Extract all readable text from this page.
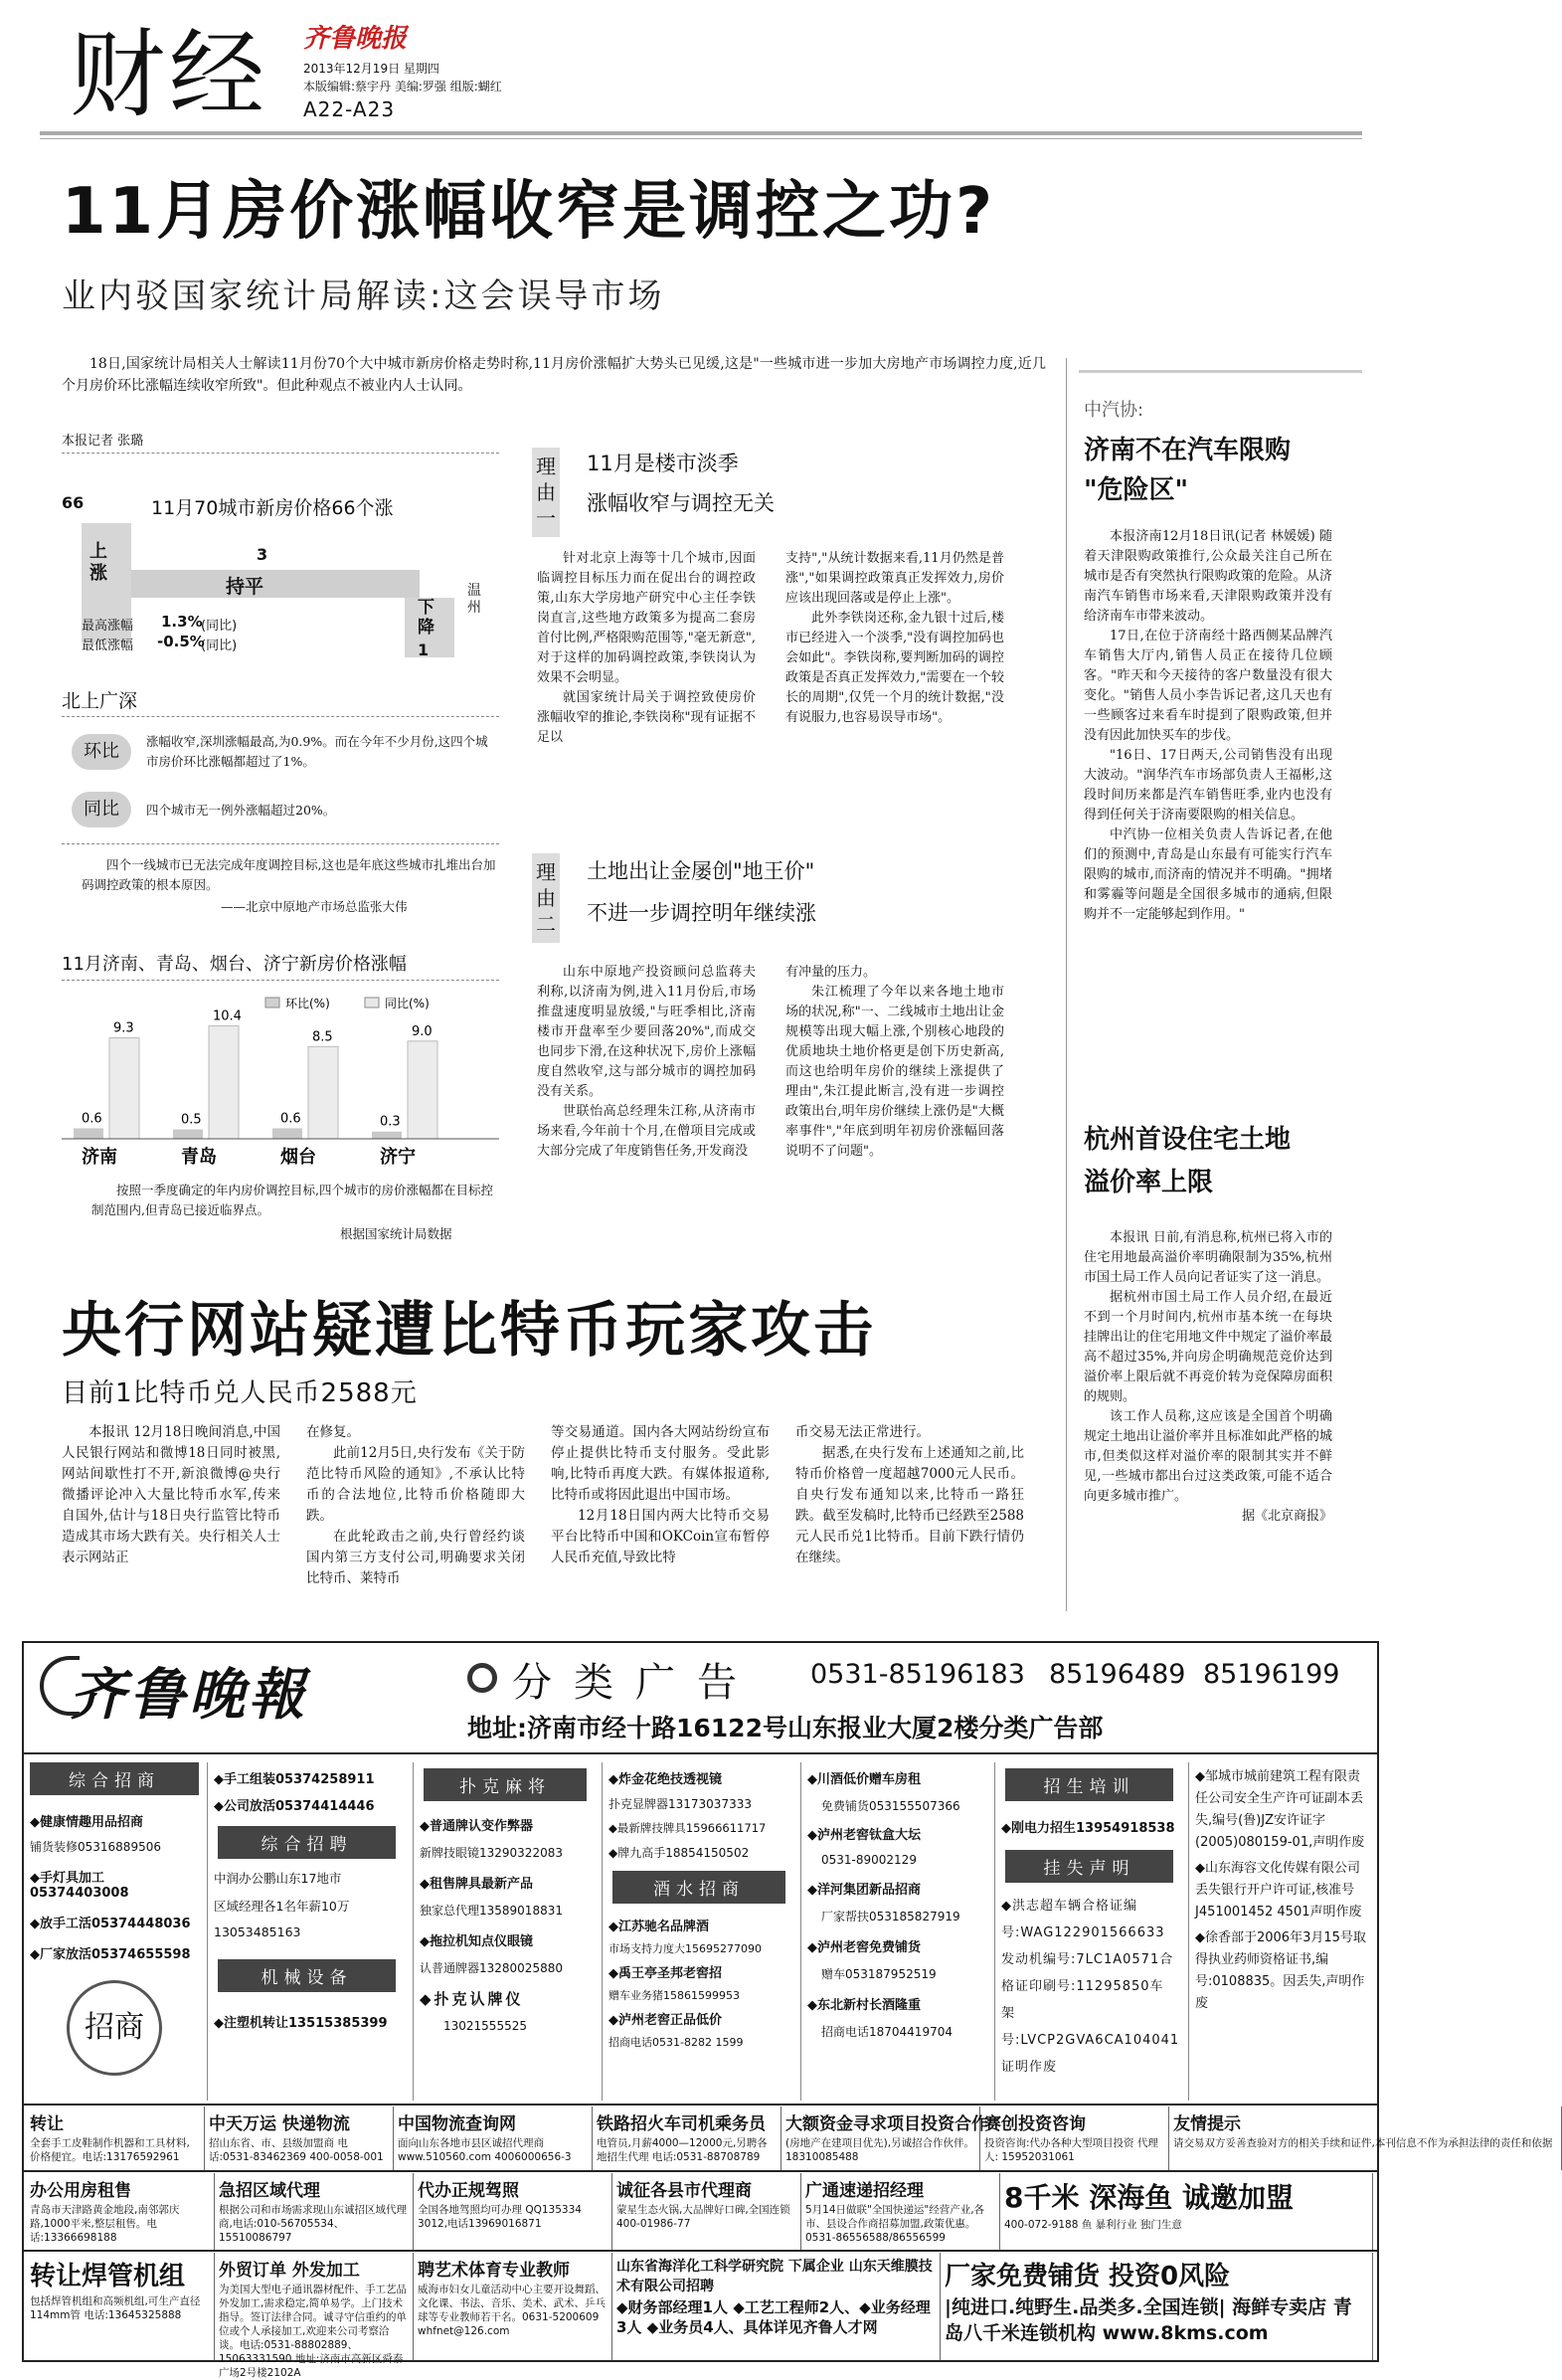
财经 齐鲁晚报
2013年12月19日 星期四
本版编辑:蔡宇丹 美编:罗强 组版:蝴红
A22-A23
11月房价涨幅收窄是调控之功?
业内驳国家统计局解读:这会误导市场

18日,国家统计局相关人士解读11月份70个大中城市新房价格走势时称,11月房价涨幅扩大势头已见缓,这是"一些城市进一步加大房地产市场调控力度,近几个月房价环比涨幅连续收窄所致"。但此种观点不被业内人士认同。

本报记者 张璐
66	11月70城市新房价格66个涨
上涨
3
持平
下降
1
温州
最高涨幅 1.3%
(同比)
最低涨幅 -0.5%
(同比)
北上广深
环比	涨幅收窄,深圳涨幅最高,为0.9%。而在今年不少月份,这四个城市房价环比涨幅都超过了1%。
同比	四个城市无一例外涨幅超过20%。
四个一线城市已无法完成年度调控目标,这也是年底这些城市扎堆出台加码调控政策的根本原因。
——北京中原地产市场总监张大伟
11月济南、青岛、烟台、济宁新房价格涨幅
环比(%)	同比(%)
0.6
9.3
济南
0.5
10.4
青岛
0.6
8.5
烟台
0.3
9.0
济宁
按照一季度确定的年内房价调控目标,四个城市的房价涨幅都在目标控制范围内,但青岛已接近临界点。
根据国家统计局数据
理由一
11月是楼市淡季
涨幅收窄与调控无关

针对北京上海等十几个城市,因面临调控目标压力而在促出台的调控政策,山东大学房地产研究中心主任李铁岗直言,这些地方政策多为提高二套房首付比例,严格限购范围等,"毫无新意",对于这样的加码调控政策,李铁岗认为效果不会明显。

就国家统计局关于调控致使房价涨幅收窄的推论,李铁岗称"现有证据不足以

支持","从统计数据来看,11月仍然是普涨","如果调控政策真正发挥效力,房价应该出现回落或是停止上涨"。

此外李铁岗还称,金九银十过后,楼市已经进入一个淡季,"没有调控加码也会如此"。李铁岗称,要判断加码的调控政策是否真正发挥效力,"需要在一个较长的周期",仅凭一个月的统计数据,"没有说服力,也容易误导市场"。

理由二
土地出让金屡创"地王价"
不进一步调控明年继续涨

山东中原地产投资顾问总监蒋夫利称,以济南为例,进入11月份后,市场推盘速度明显放缓,"与旺季相比,济南楼市开盘率至少要回落20%",而成交也同步下滑,在这种状况下,房价上涨幅度自然收窄,这与部分城市的调控加码没有关系。

世联怡高总经理朱江称,从济南市场来看,今年前十个月,在僧项目完成或大部分完成了年度销售任务,开发商没

有冲量的压力。

朱江梳理了今年以来各地土地市场的状况,称"一、二线城市土地出让金规模等出现大幅上涨,个别核心地段的优质地块土地价格更是创下历史新高,而这也给明年房价的继续上涨提供了理由",朱江提此断言,没有进一步调控政策出台,明年房价继续上涨仍是"大概率事件","年底到明年初房价涨幅回落说明不了问题"。

中汽协:
济南不在汽车限购
"危险区"

本报济南12月18日讯(记者 林媛媛) 随着天津限购政策推行,公众最关注自己所在城市是否有突然执行限购政策的危险。从济南汽车销售市场来看,天津限购政策并没有给济南车市带来波动。

17日,在位于济南经十路西侧某品牌汽车销售大厅内,销售人员正在接待几位顾客。"昨天和今天接待的客户数量没有很大变化。"销售人员小李告诉记者,这几天也有一些顾客过来看车时提到了限购政策,但并没有因此加快买车的步伐。

"16日、17日两天,公司销售没有出现大波动。"润华汽车市场部负责人王福彬,这段时间历来都是汽车销售旺季,业内也没有得到任何关于济南要限购的相关信息。

中汽协一位相关负责人告诉记者,在他们的预测中,青岛是山东最有可能实行汽车限购的城市,而济南的情况并不明确。"拥堵和雾霾等问题是全国很多城市的通病,但限购并不一定能够起到作用。"

杭州首设住宅土地
溢价率上限

本报讯 日前,有消息称,杭州已将入市的住宅用地最高溢价率明确限制为35%,杭州市国土局工作人员向记者证实了这一消息。

据杭州市国土局工作人员介绍,在最近不到一个月时间内,杭州市基本统一在每块挂牌出让的住宅用地文件中规定了溢价率最高不超过35%,并向房企明确规范竞价达到溢价率上限后就不再竞价转为竞保障房面积的规则。

该工作人员称,这应该是全国首个明确规定土地出让溢价率并且标准如此严格的城市,但类似这样对溢价率的限制其实并不鲜见,一些城市都出台过这类政策,可能不适合向更多城市推广。

据《北京商报》

央行网站疑遭比特币玩家攻击
目前1比特币兑人民币2588元

本报讯 12月18日晚间消息,中国人民银行网站和微博18日同时被黑,网站间歇性打不开,新浪微博@央行微播评论冲入大量比特币水军,传来自国外,估计与18日央行监管比特币造成其市场大跌有关。央行相关人士表示网站正

在修复。

此前12月5日,央行发布《关于防范比特币风险的通知》,不承认比特币的合法地位,比特币价格随即大跌。

在此轮政击之前,央行曾经约谈国内第三方支付公司,明确要求关闭比特币、莱特币

等交易通道。国内各大网站纷纷宣布停止提供比特币支付服务。受此影响,比特币再度大跌。有媒体报道称,比特币或将因此退出中国市场。

12月18日国内两大比特币交易平台比特币中国和OKCoin宣布暂停人民币充值,导致比特

币交易无法正常进行。

据悉,在央行发布上述通知之前,比特币价格曾一度超越7000元人民币。自央行发布通知以来,比特币一路狂跌。截至发稿时,比特币已经跌至2588元人民币兑1比特币。目前下跌行情仍在继续。

齐鲁晚報	分类广告 0531-85196183 85196489 85196199
地址:济南市经十路16122号山东报业大厦2楼分类广告部
综合招商
◆健康情趣用品招商
铺货装修05316889506
◆手灯具加工05374403008
◆放手工活05374448036
◆厂家放活05374655598
招商
◆手工组装05374258911
◆公司放活05374414446
综合招聘
中润办公鹏山东17地市
区域经理各1名年薪10万
13053485163
机械设备
◆注塑机转让13515385399
扑克麻将
◆普通牌认变作弊器
新牌技眼镜13290322083
◆租售牌具最新产品
独家总代理13589018831
◆拖拉机知点仪眼镜
认普通牌器13280025880
◆扑克认牌仪
13021555525
◆炸金花绝技透视镜
扑克显牌器13173037333
◆最新牌技牌具15966611717
◆牌九高手18854150502
酒水招商
◆江苏驰名品牌酒
市场支持力度大15695277090
◆禹王亭圣邦老窖招
赠车业务猪15861599953
◆泸州老窖正品低价
招商电话0531-8282 1599
◆川酒低价赠车房租
免费铺货053155507366
◆泸州老窖钛盒大坛
0531-89002129
◆洋河集团新品招商
厂家帮扶05318582791​9
◆泸州老窖免费铺货
赠车053187952519
◆东北新村长酒隆重
招商电话18704419704
招生培训
◆刚电力招生13954918538
挂失声明
◆洪志超车辆合格证编号:WAG122901566633发动机编号:7LC1A0571合格证印刷号:11295850车架号:LVCP2GVA6CA104041证明作废
◆邹城市城前建筑工程有限责任公司安全生产许可证副本丢失,编号(鲁)JZ安许证字(2005)080159-01,声明作废
◆山东海容文化传媒有限公司丢失银行开户许可证,核准号J451001452 4501声明作废
◆徐香部于2006年3月15号取得执业药师资格证书,编号:0108835。因丢失,声明作废
转让
全套手工皮鞋制作机器和工具材料,价格便宜。电话:13176592961
中天万运 快递物流
招山东省、市、县级加盟商 电话:0531-83462369 400-0058-001
中国物流查询网
面向山东各地市县区诚招代理商 www.510560.com 4006000656-3
铁路招火车司机乘务员
电管员,月薪4000—12000元,另聘各地招生代理 电话:0531-88708789
大额资金寻求项目投资合作
(房地产在建项目优先),另诚招合作伙伴。18310085488
赛创投资咨询
投资咨询:代办各种大型项目投资 代理人: 15952031061
友情提示
请交易双方妥善查验对方的相关手续和证件,本刊信息不作为承担法律的责任和依据
办公用房租售
青岛市天津路黄金地段,南邻郭庆路,1000平米,整层租售。电话:13366698188
急招区域代理
根据公司和市场需求现山东诚招区域代理商,电话:010-56705534、15510086797
代办正规驾照
全国各地驾照均可办理 QQ135334 3012,电话13969016871
诚征各县市代理商
蒙星生态火锅,大品牌好口碑,全国连锁 400-01986-77
广通速递招经理
5月14日做联"全国快递运"经营产业,各市、县设合作商招募加盟,政策优惠。0531-86556588/86556599
8千米 深海鱼 诚邀加盟
400-072-9188 鱼 暴利行业 独门生意
转让焊管机组
包括焊管机组和高频机组,可生产直径114mm管 电话:13645325888
外贸订单 外发加工
为美国大型电子通讯器材配件、手工艺品外发加工,需求稳定,简单易学。上门技术指导。签订法律合同。诚寻守信重约的单位或个人承接加工,欢迎来公司考察洽谈。电话:0531-88802889、15063331590 地址:济南市高新区舜泰广场2号楼2102A
聘艺术体育专业教师
威海市妇女儿童活动中心主要开设舞蹈、文化课、书法、音乐、美术、武术、乒乓球等专业教师若干名。0631-5200609 whfnet@126.com
山东省海洋化工科学研究院 下属企业 山东天维膜技术有限公司招聘
◆财务部经理1人 ◆工艺工程师2人、◆业务经理3人 ◆业务员4人、具体详见齐鲁人才网
厂家免费铺货 投资0风险
|纯进口.纯野生.品类多.全国连锁| 海鲜专卖店 青岛八千米连锁机构 www.8kms.com
